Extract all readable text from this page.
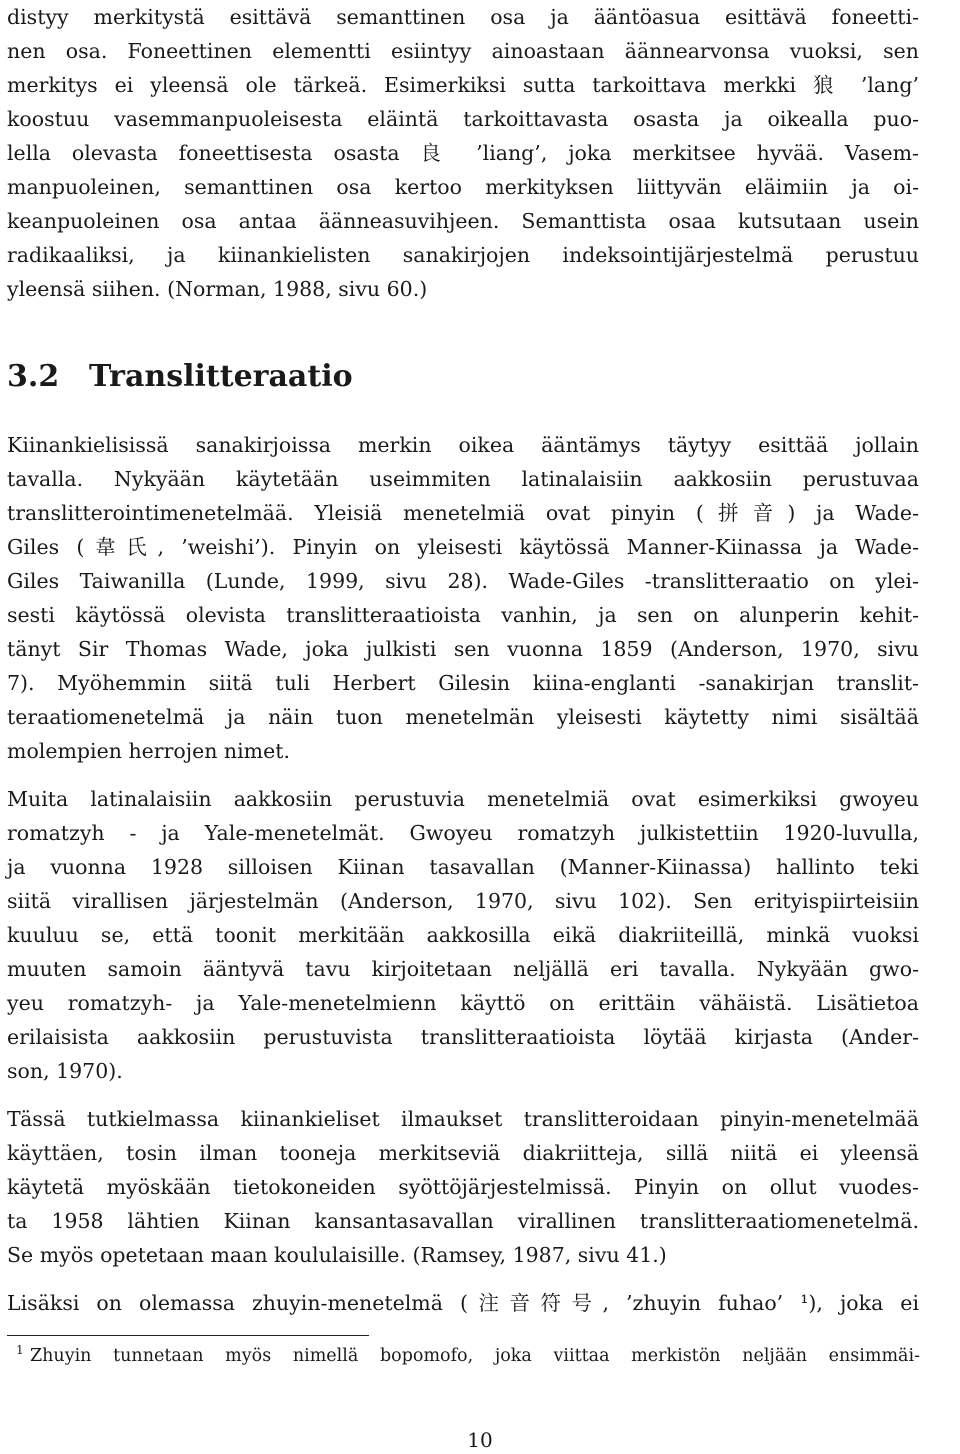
distyy merkitystä esittävä semanttinen osa ja ääntöasua esittävä foneetti-
nen osa. Foneettinen elementti esiintyy ainoastaan äännearvonsa vuoksi, sen
merkitys ei yleensä ole tärkeä. Esimerkiksi sutta tarkoittava merkki 狼 ’lang’
koostuu vasemmanpuoleisesta eläintä tarkoittavasta osasta ja oikealla puo-
lella olevasta foneettisesta osasta 良 ’liang’, joka merkitsee hyvää. Vasem-
manpuoleinen, semanttinen osa kertoo merkityksen liittyvän eläimiin ja oi-
keanpuoleinen osa antaa äänneasuvihjeen. Semanttista osaa kutsutaan usein
radikaaliksi, ja kiinankielisten sanakirjojen indeksointijärjestelmä perustuu
yleensä siihen. (Norman, 1988, sivu 60.)
3.2 Translitteraatio
Kiinankielisissä sanakirjoissa merkin oikea ääntämys täytyy esittää jollain
tavalla. Nykyään käytetään useimmiten latinalaisiin aakkosiin perustuvaa
translitterointimenetelmää. Yleisiä menetelmiä ovat pinyin (拼音) ja Wade-
Giles (韋氏, ’weishi’). Pinyin on yleisesti käytössä Manner-Kiinassa ja Wade-
Giles Taiwanilla (Lunde, 1999, sivu 28). Wade-Giles -translitteraatio on ylei-
sesti käytössä olevista translitteraatioista vanhin, ja sen on alunperin kehit-
tänyt Sir Thomas Wade, joka julkisti sen vuonna 1859 (Anderson, 1970, sivu
7). Myöhemmin siitä tuli Herbert Gilesin kiina-englanti -sanakirjan translit-
teraatiomenetelmä ja näin tuon menetelmän yleisesti käytetty nimi sisältää
molempien herrojen nimet.
Muita latinalaisiin aakkosiin perustuvia menetelmiä ovat esimerkiksi gwoyeu
romatzyh - ja Yale-menetelmät. Gwoyeu romatzyh julkistettiin 1920-luvulla,
ja vuonna 1928 silloisen Kiinan tasavallan (Manner-Kiinassa) hallinto teki
siitä virallisen järjestelmän (Anderson, 1970, sivu 102). Sen erityispiirteisiin
kuuluu se, että toonit merkitään aakkosilla eikä diakriiteillä, minkä vuoksi
muuten samoin ääntyvä tavu kirjoitetaan neljällä eri tavalla. Nykyään gwo-
yeu romatzyh- ja Yale-menetelmienn käyttö on erittäin vähäistä. Lisätietoa
erilaisista aakkosiin perustuvista translitteraatioista löytää kirjasta (Ander-
son, 1970).
Tässä tutkielmassa kiinankieliset ilmaukset translitteroidaan pinyin-menetelmää
käyttäen, tosin ilman tooneja merkitseviä diakriitteja, sillä niitä ei yleensä
käytetä myöskään tietokoneiden syöttöjärjestelmissä. Pinyin on ollut vuodes-
ta 1958 lähtien Kiinan kansantasavallan virallinen translitteraatiomenetelmä.
Se myös opetetaan maan koululaisille. (Ramsey, 1987, sivu 41.)
Lisäksi on olemassa zhuyin-menetelmä (注音符号, ’zhuyin fuhao’ ¹), joka ei
1 Zhuyin tunnetaan myös nimellä bopomofo, joka viittaa merkistön neljään ensimmäi-
10
